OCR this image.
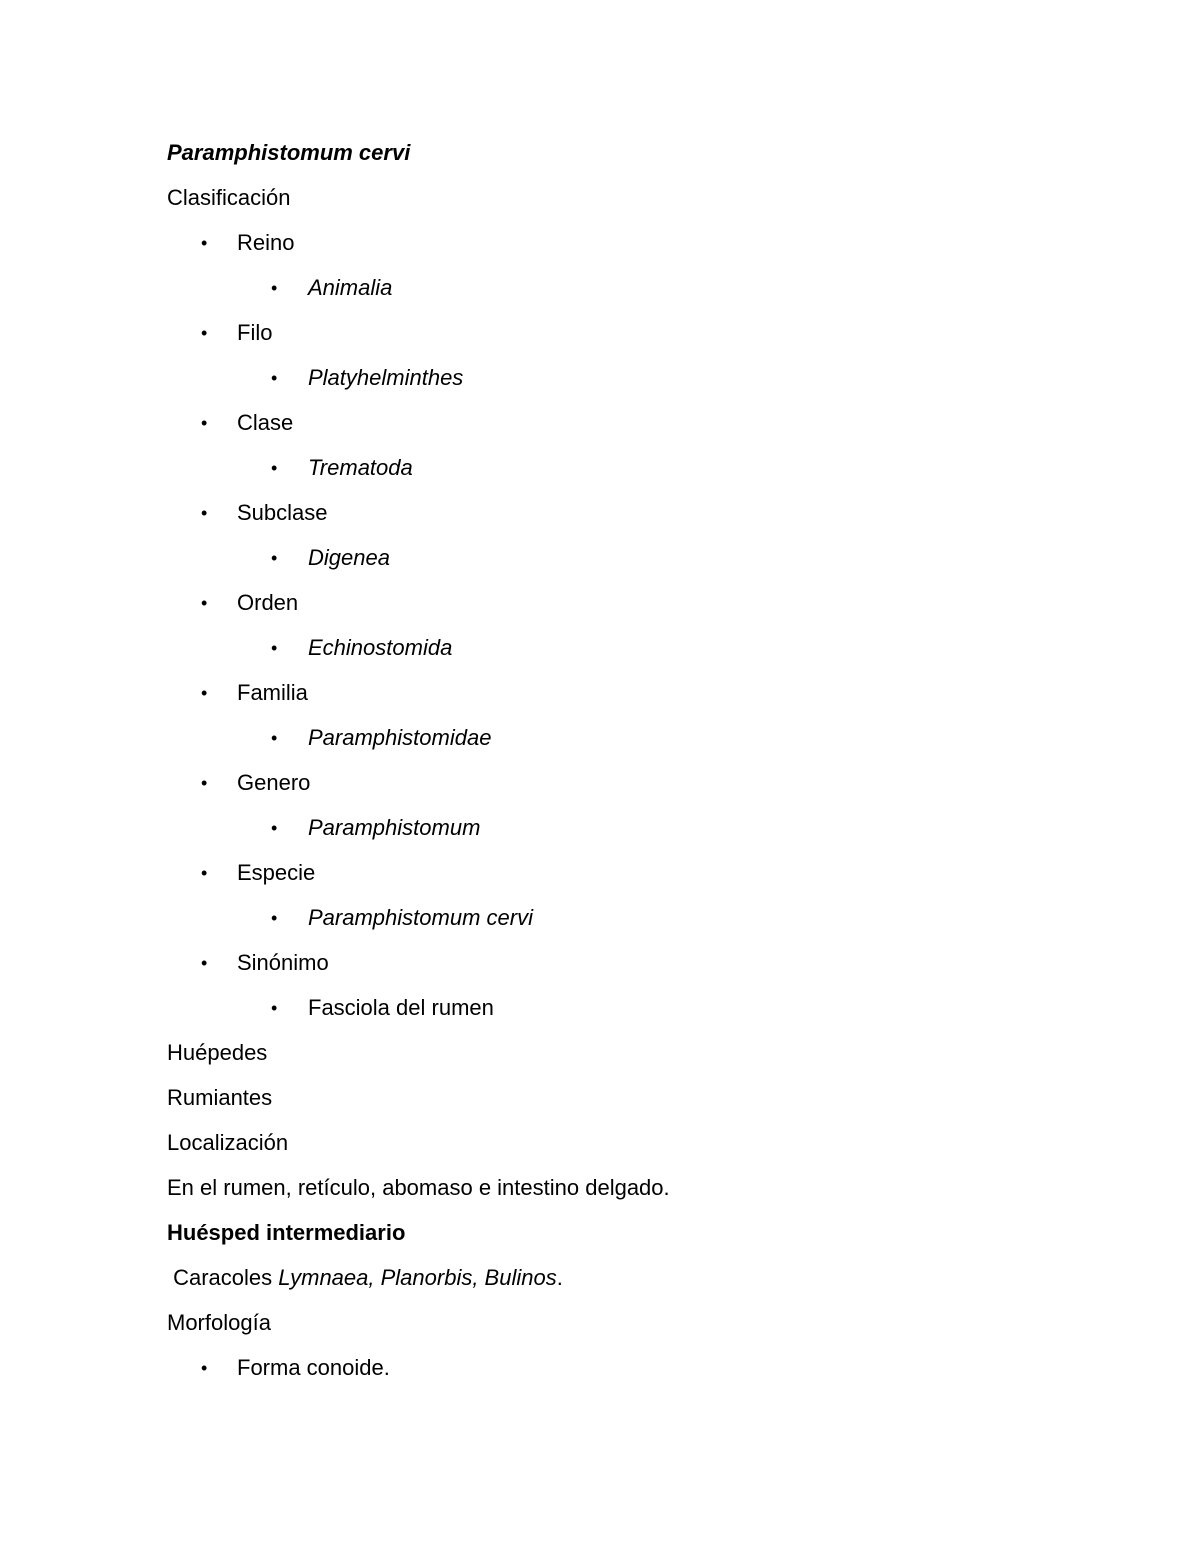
Paramphistomum cervi
Clasificación
• Reino
• Animalia
• Filo
• Platyhelminthes
• Clase
• Trematoda
• Subclase
• Digenea
• Orden
• Echinostomida
• Familia
• Paramphistomidae
• Genero
• Paramphistomum
• Especie
• Paramphistomum cervi
• Sinónimo
• Fasciola del rumen
Huépedes
Rumiantes
Localización
En el rumen, retículo, abomaso e intestino delgado.
Huésped intermediario
Caracoles Lymnaea, Planorbis, Bulinos.
Morfología
• Forma conoide.
